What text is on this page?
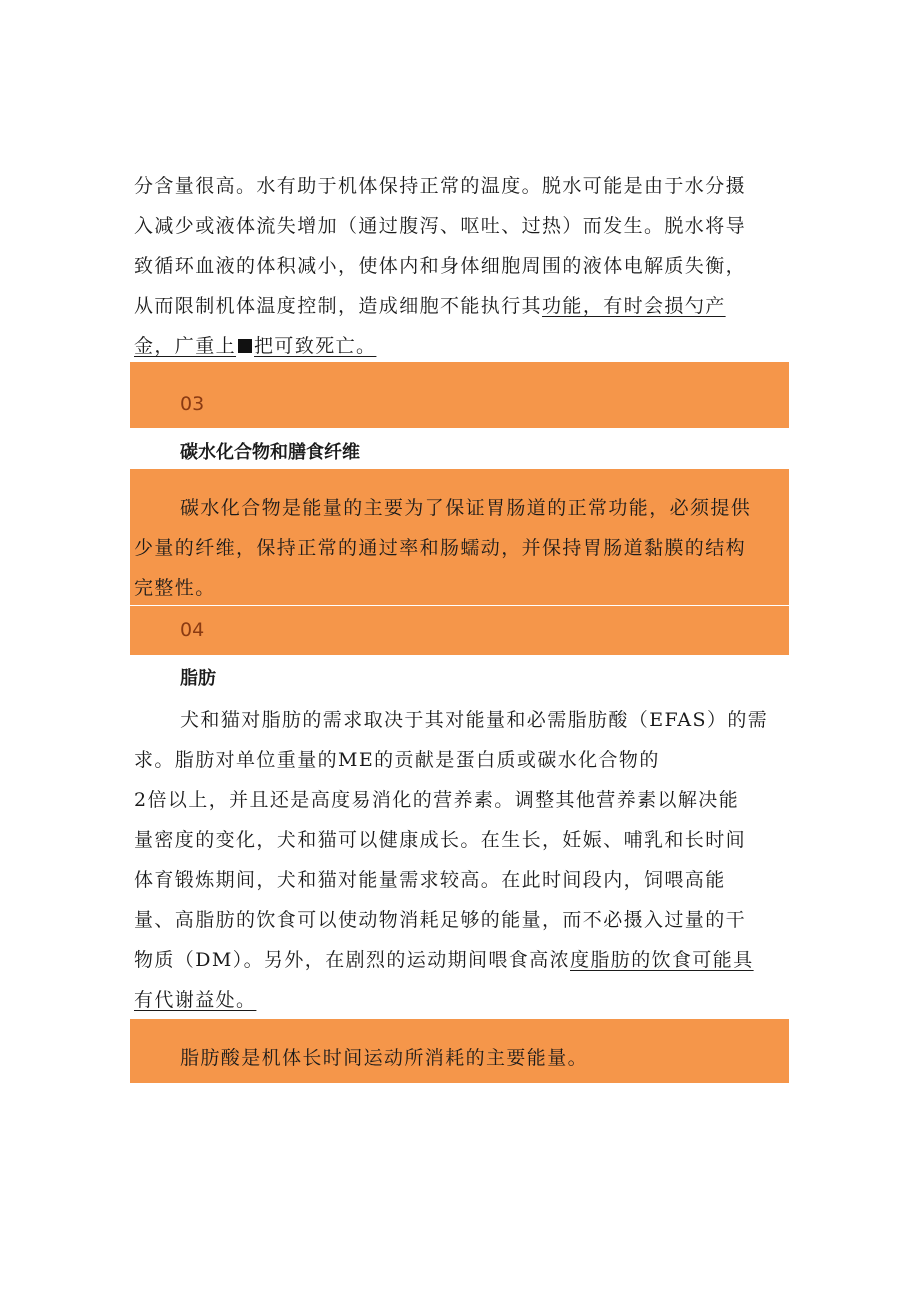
分含量很高。水有助于机体保持正常的温度。脱水可能是由于水分摄
入减少或液体流失增加（通过腹泻、呕吐、过热）而发生。脱水将导
致循环血液的体积减小，使体内和身体细胞周围的液体电解质失衡，
从而限制机体温度控制，造成细胞不能执行其功能，有时会损勺产
金，广重上 把可致死亡。
03
碳水化合物和膳食纤维
碳水化合物是能量的主要为了保证胃肠道的正常功能，必须提供
少量的纤维，保持正常的通过率和肠蠕动，并保持胃肠道黏膜的结构
完整性。
04
脂肪
犬和猫对脂肪的需求取决于其对能量和必需脂肪酸（EFAS）的需
求。脂肪对单位重量的ME的贡献是蛋白质或碳水化合物的
2倍以上，并且还是高度易消化的营养素。调整其他营养素以解决能
量密度的变化，犬和猫可以健康成长。在生长，妊娠、哺乳和长时间
体育锻炼期间，犬和猫对能量需求较高。在此时间段内，饲喂高能
量、高脂肪的饮食可以使动物消耗足够的能量，而不必摄入过量的干
物质（DM）。另外，在剧烈的运动期间喂食高浓度脂肪的饮食可能具
有代谢益处。
脂肪酸是机体长时间运动所消耗的主要能量。
